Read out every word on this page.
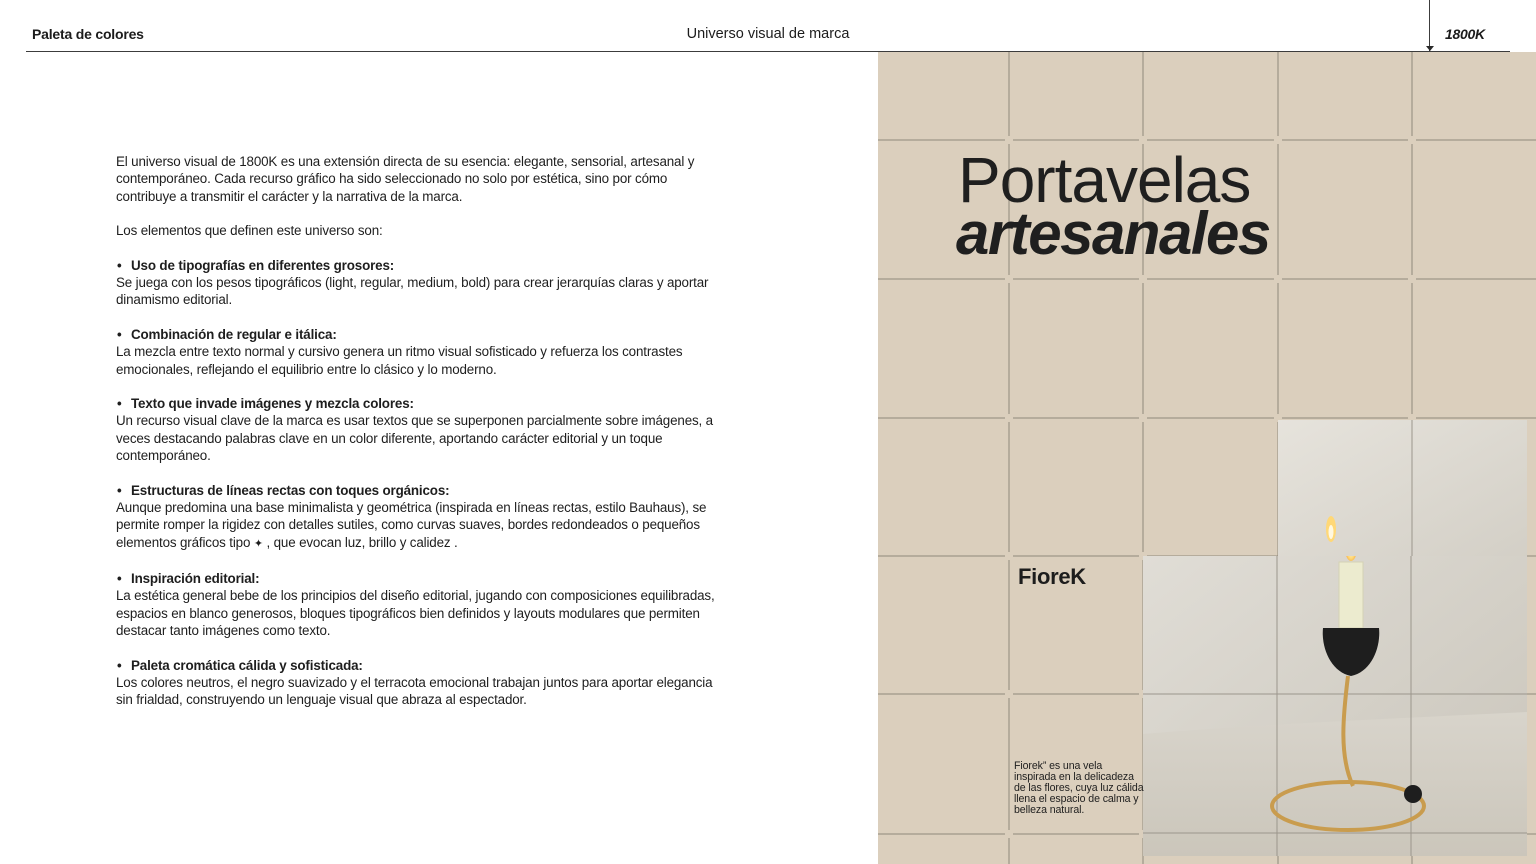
Paleta de colores	Universo visual de marca	1800K

El universo visual de 1800K es una extensión directa de su esencia: elegante, sensorial, artesanal y contemporáneo. Cada recurso gráfico ha sido seleccionado no solo por estética, sino por cómo contribuye a transmitir el carácter y la narrativa de la marca.

Los elementos que definen este universo son:

• Uso de tipografías en diferentes grosores:

Se juega con los pesos tipográficos (light, regular, medium, bold) para crear jerarquías claras y aportar dinamismo editorial.

• Combinación de regular e itálica:

La mezcla entre texto normal y cursivo genera un ritmo visual sofisticado y refuerza los contrastes emocionales, reflejando el equilibrio entre lo clásico y lo moderno.

• Texto que invade imágenes y mezcla colores:

Un recurso visual clave de la marca es usar textos que se superponen parcialmente sobre imágenes, a veces destacando palabras clave en un color diferente, aportando carácter editorial y un toque contemporáneo.

• Estructuras de líneas rectas con toques orgánicos:

Aunque predomina una base minimalista y geométrica (inspirada en líneas rectas, estilo Bauhaus), se permite romper la rigidez con detalles sutiles, como curvas suaves, bordes redondeados o pequeños elementos gráficos tipo ✦ , que evocan luz, brillo y calidez .

• Inspiración editorial:

La estética general bebe de los principios del diseño editorial, jugando con composiciones equilibradas, espacios en blanco generosos, bloques tipográficos bien definidos y layouts modulares que permiten destacar tanto imágenes como texto.

• Paleta cromática cálida y sofisticada:

Los colores neutros, el negro suavizado y el terracota emocional trabajan juntos para aportar elegancia sin frialdad, construyendo un lenguaje visual que abraza al espectador.

Portavelas
artesanales
FioreK
Fiorek” es una vela inspirada en la delicadeza de las flores, cuya luz cálida llena el espacio de calma y belleza natural.
